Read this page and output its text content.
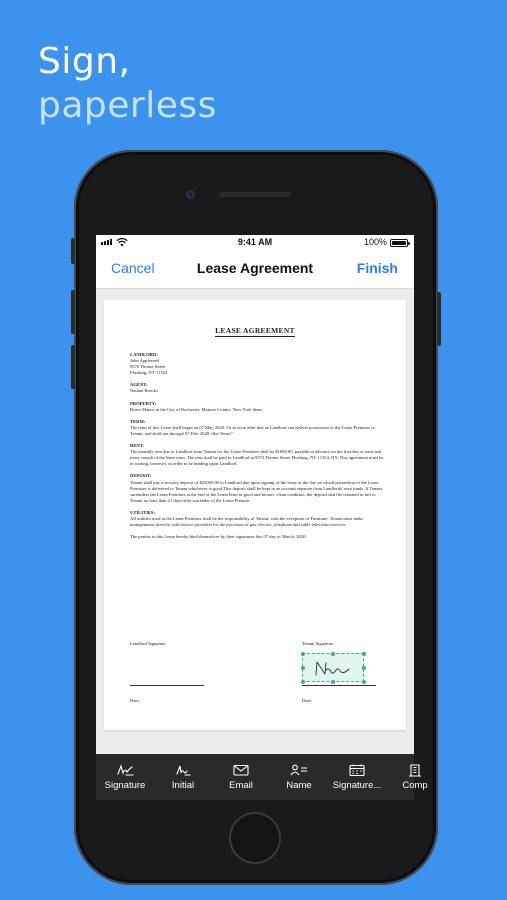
Sign,
paperless
9:41 AM	100%
Cancel	Lease Agreement	Finish
LEASE AGREEMENT
LANDLORD:
John Appleseed
9570 Thorne Street
Flushing, NY 11354
AGENT:
Nathan Brooks
PROPERTY:
Bruce Manor in the City of Rochester, Monroe County, New York State.
TERM:
The term of this Lease shall begin on 07 Mar, 2020. Or as soon after that as Landlord can deliver possession of the Lease Premises to Tenant, and shall run through 07 Feb, 2020. (the Term)"
RENT:
The monthly rent due to Landlord from Tenant for the Lease Premises shall be $1600.00, payable in advance on the first day of each and every month of the lease term. The rent shall be paid to Landlord at 9572 Thorne Street Flushing, NY 11354, NY. This agreement must be in writing, however, in order to be binding upon Landlord.
DEPOSIT:
Tenant shall pay a security deposit of $25000.00 to Landlord due upon signing of the lease or the day on which possession of the Lease Premises is delivered to Tenant,whichever is good.This deposit shall be kept in an account separate from Landlords' own funds. If Tenant surrenders the Lease Premises at the end of the LeaseTerm in good and broom- clean condition, the deposit shall be returned in full to Tenant no later than 21 days after surrender of the Lease Premise.
UTILITIES:
All utilities used in the Lease Premises shall be the responsibility of Tenant, with the exception of Furniture. Tenant must make arrangements directly with service providers for the provision of gas, electric, telephone and cable television services.
The parties to this Lease hereby bind themselves by their signatures this 07 day of March, 2020.
Landlord Signature
Date:
Tenant Signature
Date:
Signature	Initial	Email	Name Signature... Comp
